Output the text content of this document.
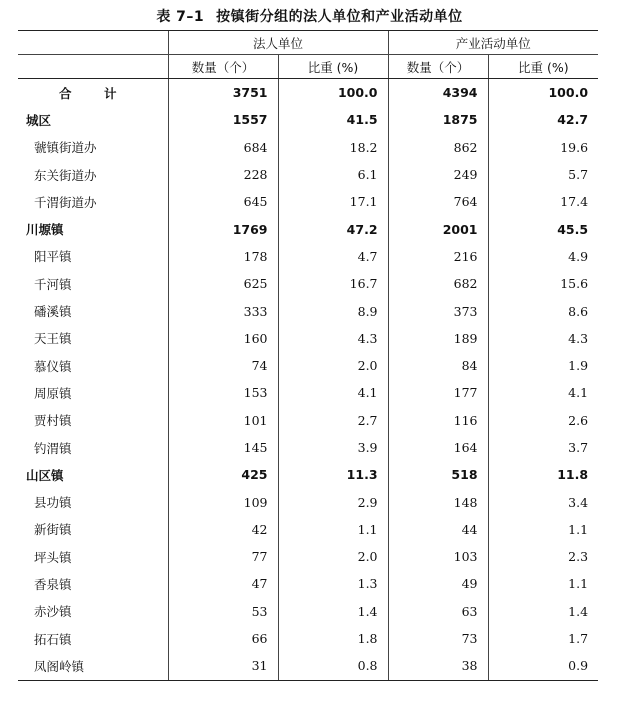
表 7–1 按镇街分组的法人单位和产业活动单位
	法人单位		产业活动单位	
	数量（个）	比重 (%)	数量（个）	比重 (%)
合　计	3751	100.0	4394	100.0
城区	1557	41.5	1875	42.7
虢镇街道办	684	18.2	862	19.6
东关街道办	228	6.1	249	5.7
千渭街道办	645	17.1	764	17.4
川塬镇	1769	47.2	2001	45.5
阳平镇	178	4.7	216	4.9
千河镇	625	16.7	682	15.6
磻溪镇	333	8.9	373	8.6
天王镇	160	4.3	189	4.3
慕仪镇	74	2.0	84	1.9
周原镇	153	4.1	177	4.1
贾村镇	101	2.7	116	2.6
钓渭镇	145	3.9	164	3.7
山区镇	425	11.3	518	11.8
县功镇	109	2.9	148	3.4
新街镇	42	1.1	44	1.1
坪头镇	77	2.0	103	2.3
香泉镇	47	1.3	49	1.1
赤沙镇	53	1.4	63	1.4
拓石镇	66	1.8	73	1.7
凤阁岭镇	31	0.8	38	0.9
